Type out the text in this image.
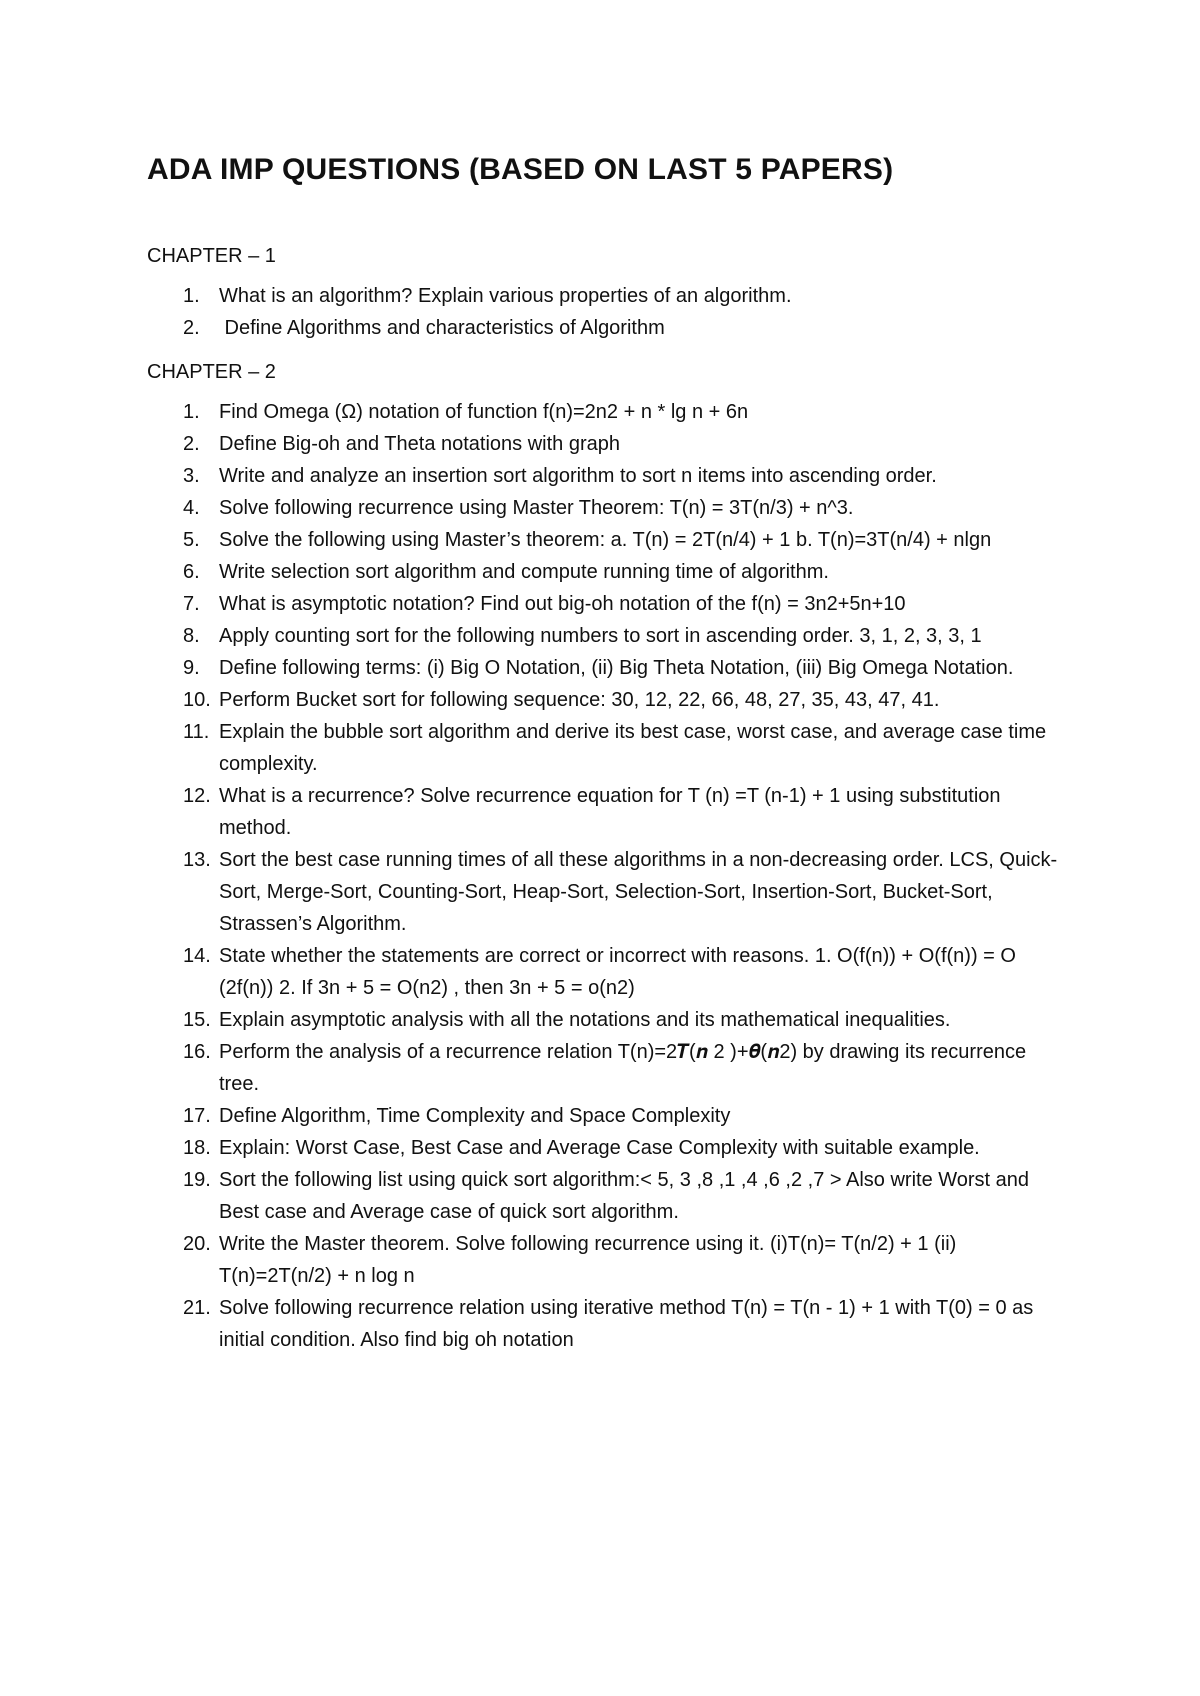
ADA IMP QUESTIONS (BASED ON LAST 5 PAPERS)
CHAPTER – 1
1. What is an algorithm? Explain various properties of an algorithm.
2. Define Algorithms and characteristics of Algorithm
CHAPTER – 2
1. Find Omega (Ω) notation of function f(n)=2n2 + n * lg n + 6n
2. Define Big-oh and Theta notations with graph
3. Write and analyze an insertion sort algorithm to sort n items into ascending order.
4. Solve following recurrence using Master Theorem: T(n) = 3T(n/3) + n^3.
5. Solve the following using Master’s theorem: a. T(n) = 2T(n/4) + 1 b. T(n)=3T(n/4) + nlgn
6. Write selection sort algorithm and compute running time of algorithm.
7. What is asymptotic notation? Find out big-oh notation of the f(n) = 3n2+5n+10
8. Apply counting sort for the following numbers to sort in ascending order. 3, 1, 2, 3, 3, 1
9. Define following terms: (i) Big O Notation, (ii) Big Theta Notation, (iii) Big Omega Notation.
10. Perform Bucket sort for following sequence: 30, 12, 22, 66, 48, 27, 35, 43, 47, 41.
11. Explain the bubble sort algorithm and derive its best case, worst case, and average case time complexity.
12. What is a recurrence? Solve recurrence equation for T (n) =T (n-1) + 1 using substitution method.
13. Sort the best case running times of all these algorithms in a non-decreasing order. LCS, Quick-Sort, Merge-Sort, Counting-Sort, Heap-Sort, Selection-Sort, Insertion-Sort, Bucket-Sort, Strassen’s Algorithm.
14. State whether the statements are correct or incorrect with reasons. 1. O(f(n)) + O(f(n)) = O (2f(n)) 2. If 3n + 5 = O(n2) , then 3n + 5 = o(n2)
15. Explain asymptotic analysis with all the notations and its mathematical inequalities.
16. Perform the analysis of a recurrence relation T(n)=2𝑻(𝒏 2 )+𝜽(𝒏2) by drawing its recurrence tree.
17. Define Algorithm, Time Complexity and Space Complexity
18. Explain: Worst Case, Best Case and Average Case Complexity with suitable example.
19. Sort the following list using quick sort algorithm:< 5, 3 ,8 ,1 ,4 ,6 ,2 ,7 > Also write Worst and Best case and Average case of quick sort algorithm.
20. Write the Master theorem. Solve following recurrence using it. (i)T(n)= T(n/2) + 1 (ii) T(n)=2T(n/2) + n log n
21. Solve following recurrence relation using iterative method T(n) = T(n - 1) + 1 with T(0) = 0 as initial condition. Also find big oh notation
